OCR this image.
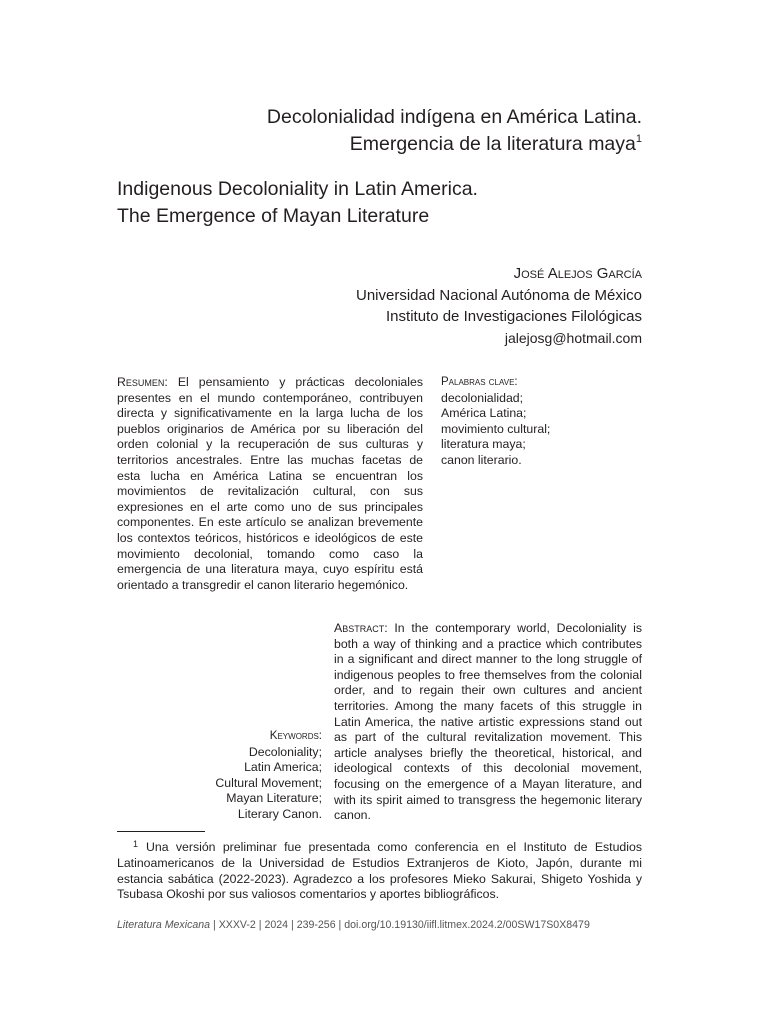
Decolonialidad indígena en América Latina.
Emergencia de la literatura maya$^1$
Indigenous Decoloniality in Latin America.
The Emergence of Mayan Literature
José Alejos García
Universidad Nacional Autónoma de México
Instituto de Investigaciones Filológicas
jalejosg@hotmail.com
Resumen: El pensamiento y prácticas decoloniales presentes en el mundo contemporáneo, contribuyen directa y significativamente en la larga lucha de los pueblos originarios de América por su liberación del orden colonial y la recuperación de sus culturas y territorios ancestrales. Entre las muchas facetas de esta lucha en América Latina se encuentran los movimientos de revitalización cultural, con sus expresiones en el arte como uno de sus principales componentes. En este artículo se analizan brevemente los contextos teóricos, históricos e ideológicos de este movimiento decolonial, tomando como caso la emergencia de una literatura maya, cuyo espíritu está orientado a transgredir el canon literario hegemónico.
Palabras clave:
decolonialidad;
América Latina;
movimiento cultural;
literatura maya;
canon literario.
Abstract: In the contemporary world, Decoloniality is both a way of thinking and a practice which contributes in a significant and direct manner to the long struggle of indigenous peoples to free themselves from the colonial order, and to regain their own cultures and ancient territories. Among the many facets of this struggle in Latin America, the native artistic expressions stand out as part of the cultural revitalization movement. This article analyses briefly the theoretical, historical, and ideological contexts of this decolonial movement, focusing on the emergence of a Mayan literature, and with its spirit aimed to transgress the hegemonic literary canon.
Keywords:
Decoloniality;
Latin America;
Cultural Movement;
Mayan Literature;
Literary Canon.
$^1$ Una versión preliminar fue presentada como conferencia en el Instituto de Estudios Latinoamericanos de la Universidad de Estudios Extranjeros de Kioto, Japón, durante mi estancia sabática (2022-2023). Agradezco a los profesores Mieko Sakurai, Shigeto Yoshida y Tsubasa Okoshi por sus valiosos comentarios y aportes bibliográficos.
Literatura Mexicana | XXXV-2 | 2024 | 239-256 | doi.org/10.19130/iifl.litmex.2024.2/00SW17S0X8479
